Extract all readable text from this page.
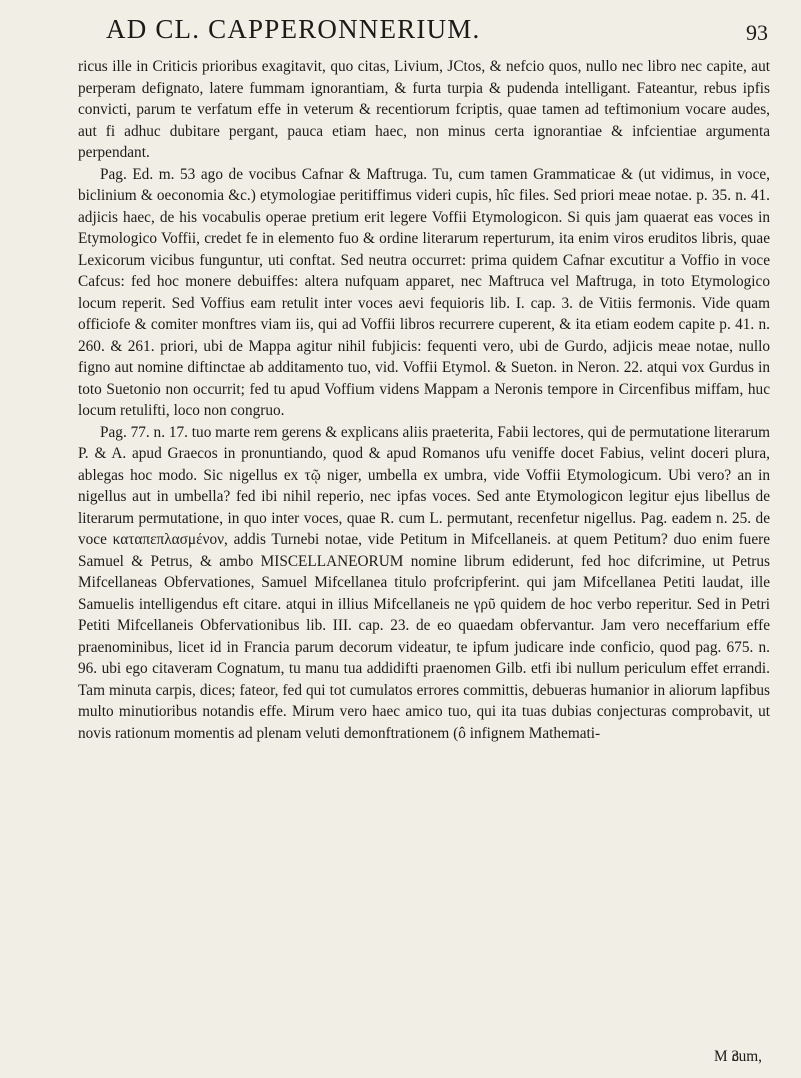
AD CL. CAPPERONNERIUM.	93

ricus ille in Criticis prioribus exagitavit, quo citas, Livium, JCtos, & nefcio quos, nullo nec libro nec capite, aut perperam defignato, latere fummam ignorantiam, & furta turpia & pudenda intelligant. Fateantur, rebus ipfis convicti, parum te verfatum effe in veterum & recentiorum fcriptis, quae tamen ad teftimonium vocare audes, aut fi adhuc dubitare pergant, pauca etiam haec, non minus certa ignorantiae & infcientiae argumenta perpendant.

Pag. Ed. m. 53 ago de vocibus Cafnar & Maftruga. Tu, cum tamen Grammaticae & (ut vidimus, in voce, biclinium & oeconomia &c.) etymologiae peritiffimus videri cupis, hîc files. Sed priori meae notae. p. 35. n. 41. adjicis haec, de his vocabulis operae pretium erit legere Voffii Etymologicon. Si quis jam quaerat eas voces in Etymologico Voffii, credet fe in elemento fuo & ordine literarum reperturum, ita enim viros eruditos libris, quae Lexicorum vicibus funguntur, uti conftat. Sed neutra occurret: prima quidem Cafnar excutitur a Voffio in voce Cafcus: fed hoc monere debuiffes: altera nufquam apparet, nec Maftruca vel Maftruga, in toto Etymologico locum reperit. Sed Voffius eam retulit inter voces aevi fequioris lib. I. cap. 3. de Vitiis fermonis. Vide quam officiofe & comiter monftres viam iis, qui ad Voffii libros recurrere cuperent, & ita etiam eodem capite p. 41. n. 260. & 261. priori, ubi de Mappa agitur nihil fubjicis: fequenti vero, ubi de Gurdo, adjicis meae notae, nullo figno aut nomine diftinctae ab additamento tuo, vid. Voffii Etymol. & Sueton. in Neron. 22. atqui vox Gurdus in toto Suetonio non occurrit; fed tu apud Voffium videns Mappam a Neronis tempore in Circenfibus miffam, huc locum retulifti, loco non congruo.

Pag. 77. n. 17. tuo marte rem gerens & explicans aliis praeterita, Fabii lectores, qui de permutatione literarum P. & A. apud Graecos in pronuntiando, quod & apud Romanos ufu veniffe docet Fabius, velint doceri plura, ablegas hoc modo. Sic nigellus ex τῷ niger, umbella ex umbra, vide Voffii Etymologicum. Ubi vero? an in nigellus aut in umbella? fed ibi nihil reperio, nec ipfas voces. Sed ante Etymologicon legitur ejus libellus de literarum permutatione, in quo inter voces, quae R. cum L. permutant, recenfetur nigellus. Pag. eadem n. 25. de voce καταπεπλασμένον, addis Turnebi notae, vide Petitum in Mifcellaneis. at quem Petitum? duo enim fuere Samuel & Petrus, & ambo MISCELLANEORUM nomine librum ediderunt, fed hoc difcrimine, ut Petrus Mifcellaneas Obfervationes, Samuel Mifcellanea titulo profcripferint. qui jam Mifcellanea Petiti laudat, ille Samuelis intelligendus eft citare. atqui in illius Mifcellaneis ne γρῦ quidem de hoc verbo reperitur. Sed in Petri Petiti Mifcellaneis Obfervationibus lib. III. cap. 23. de eo quaedam obfervantur. Jam vero neceffarium effe praenominibus, licet id in Francia parum decorum videatur, te ipfum judicare inde conficio, quod pag. 675. n. 96. ubi ego citaveram Cognatum, tu manu tua addidifti praenomen Gilb. etfi ibi nullum periculum effet errandi. Tam minuta carpis, dices; fateor, fed qui tot cumulatos errores committis, debueras humanior in aliorum lapfibus multo minutioribus notandis effe. Mirum vero haec amico tuo, qui ita tuas dubias conjecturas comprobavit, ut novis rationum momentis ad plenam veluti demonftrationem (ô infignem Mathemati-

M 3
cum,
